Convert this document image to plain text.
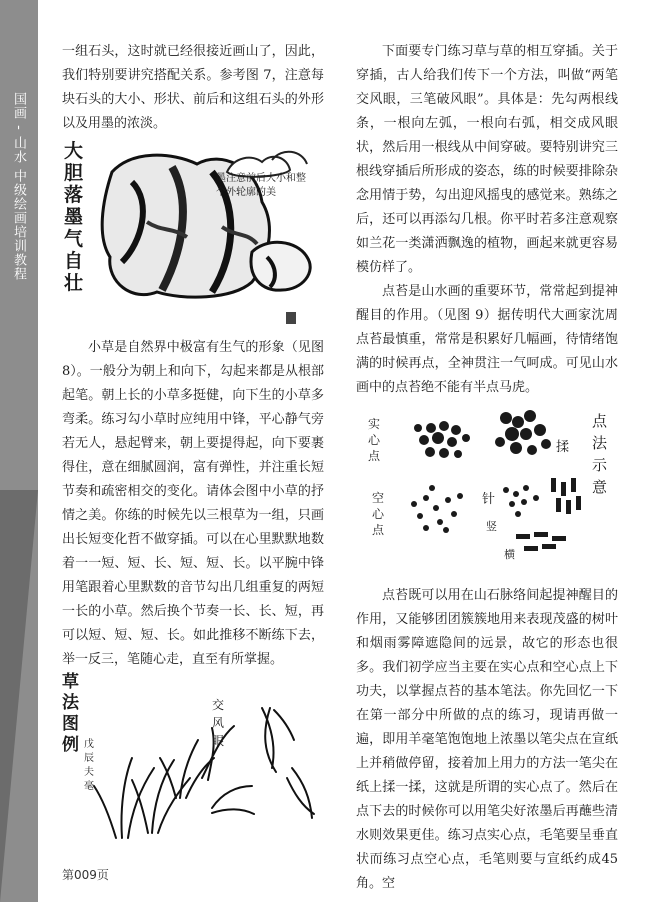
国画 - 山水 中级绘画培训教程

一组石头，这时就已经很接近画山了，因此，我们特别要讲究搭配关系。参考图 7，注意每块石头的大小、形状、前后和这组石头的外形以及用墨的浓淡。

大胆落墨气自壮
墨注意前后大小和整个外轮廓的美

小草是自然界中极富有生气的形象（见图 8）。一般分为朝上和向下，勾起来都是从根部起笔。朝上长的小草多挺健，向下生的小草多弯柔。练习勾小草时应纯用中锋，平心静气旁若无人，悬起臂来，朝上要提得起，向下要裹得住，意在细腻圆润，富有弹性，并注重长短节奏和疏密相交的变化。请体会图中小草的抒情之美。你练的时候先以三根草为一组，只画出长短变化哲不做穿插。可以在心里默默地数着一一短、短、长、短、短、长。以平腕中锋用笔跟着心里默数的音节勾出几组重复的两短一长的小草。然后换个节奏一长、长、短，再可以短、短、短、长。如此推移不断练下去，举一反三，笔随心走，直至有所掌握。

草法图例
交风眼
戊辰夫毫

下面要专门练习草与草的相互穿插。关于穿插，古人给我们传下一个方法，叫做“两笔交风眼，三笔破风眼”。具体是：先勾两根线条，一根向左弧，一根向右弧，相交成风眼状，然后用一根线从中间穿破。要特别讲究三根线穿插后所形成的姿态，练的时候要排除杂念用情于势，勾出迎风摇曳的感觉来。熟练之后，还可以再添勾几根。你平时若多注意观察如兰花一类潇洒飘逸的植物，画起来就更容易模仿样了。

点苔是山水画的重要环节，常常起到提神醒目的作用。（见图 9）据传明代大画家沈周点苔最慎重，常常是积累好几幅画，待情绪饱满的时候再点，全神贯注一气呵成。可见山水画中的点苔绝不能有半点马虎。

实心点
空心点
点法示意
揉
针
竖
横

点苔既可以用在山石脉络间起提神醒目的作用，又能够团团簇簇地用来表现茂盛的树叶和烟雨雾障遮隐间的远景，故它的形态也很多。我们初学应当主要在实心点和空心点上下功夫，以掌握点苔的基本笔法。你先回忆一下在第一部分中所做的点的练习，现请再做一遍，即用羊毫笔饱饱地上浓墨以笔尖点在宣纸上并稍做停留，接着加上用力的方法一笔尖在纸上揉一揉，这就是所谓的实心点了。然后在点下去的时候你可以用笔尖好浓墨后再蘸些清水则效果更佳。练习点实心点，毛笔要呈垂直状而练习点空心点，毛笔则要与宣纸约成45角。空

第009页
